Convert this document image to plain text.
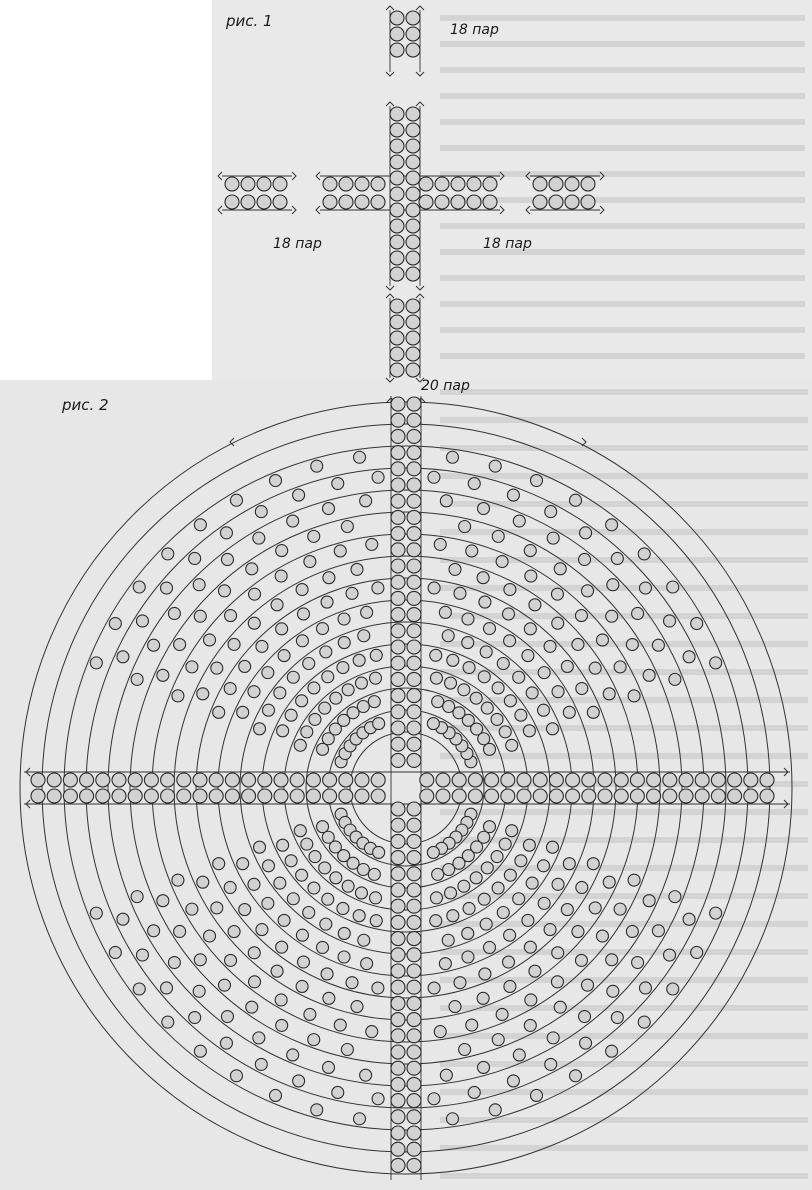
рис. 1	18 пар
18 пар	18 пар
рис. 2
20 пар
